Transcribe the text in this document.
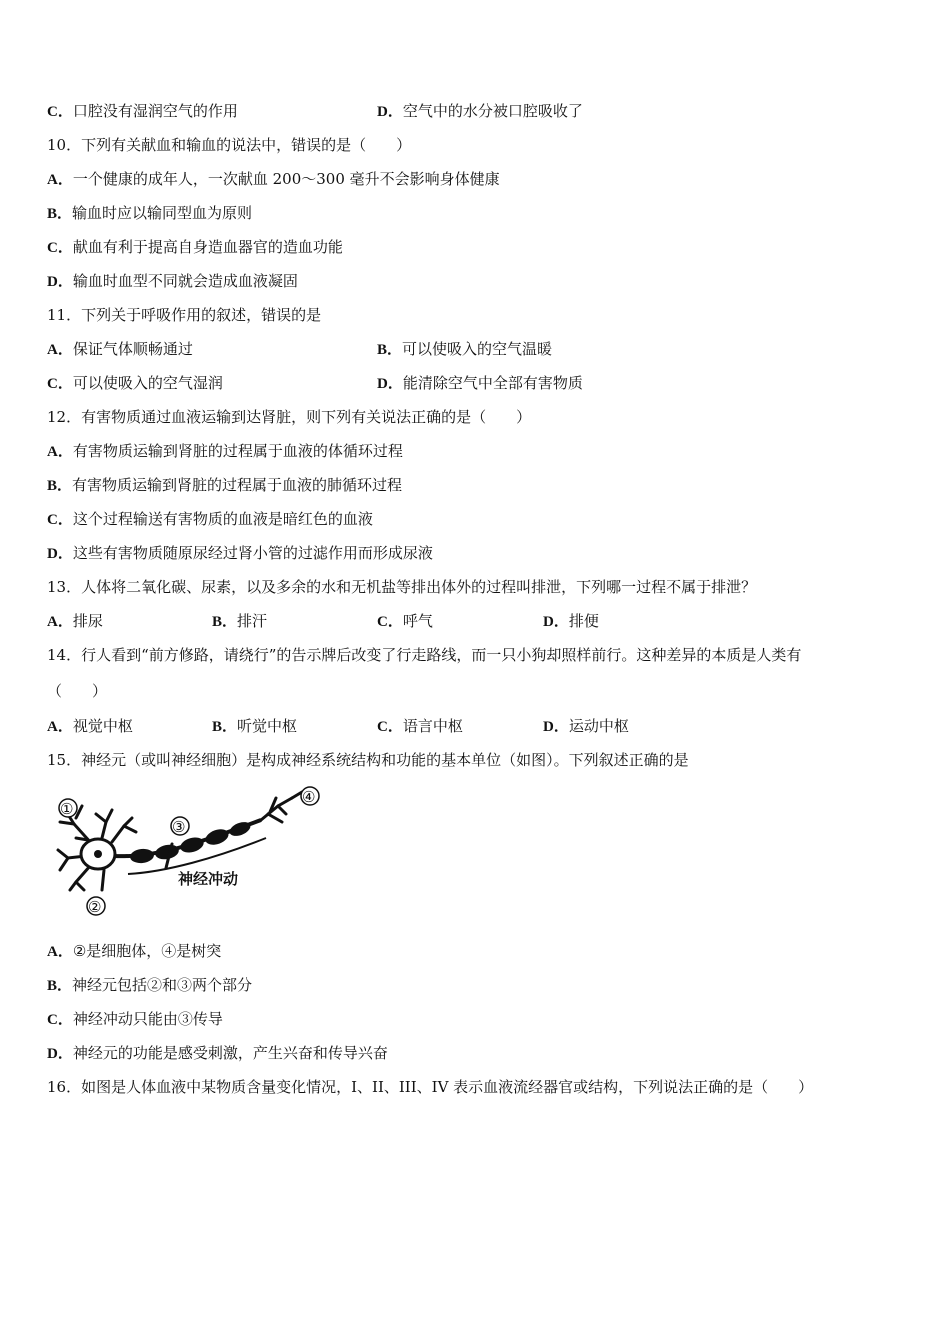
C．口腔没有湿润空气的作用	D．空气中的水分被口腔吸收了
10．下列有关献血和输血的说法中，错误的是（　　）
A．一个健康的成年人，一次献血 200～300 毫升不会影响身体健康
B．输血时应以输同型血为原则
C．献血有利于提高自身造血器官的造血功能
D．输血时血型不同就会造成血液凝固
11．下列关于呼吸作用的叙述，错误的是
A．保证气体顺畅通过	B．可以使吸入的空气温暖
C．可以使吸入的空气湿润	D．能清除空气中全部有害物质
12．有害物质通过血液运输到达肾脏，则下列有关说法正确的是（　　）
A．有害物质运输到肾脏的过程属于血液的体循环过程
B．有害物质运输到肾脏的过程属于血液的肺循环过程
C．这个过程输送有害物质的血液是暗红色的血液
D．这些有害物质随原尿经过肾小管的过滤作用而形成尿液
13．人体将二氧化碳、尿素，以及多余的水和无机盐等排出体外的过程叫排泄，下列哪一过程不属于排泄？
A．排尿	B．排汗	C．呼气	D．排便
14．行人看到“前方修路，请绕行”的告示牌后改变了行走路线，而一只小狗却照样前行。这种差异的本质是人类有
（　　）
A．视觉中枢	B．听觉中枢	C．语言中枢	D．运动中枢
15．神经元（或叫神经细胞）是构成神经系统结构和功能的基本单位（如图）。下列叙述正确的是
①
②
③
④
神经冲动
A．②是细胞体，④是树突
B．神经元包括②和③两个部分
C．神经冲动只能由③传导
D．神经元的功能是感受刺激，产生兴奋和传导兴奋
16．如图是人体血液中某物质含量变化情况，I、II、III、IV 表示血液流经器官或结构，下列说法正确的是（　　）
